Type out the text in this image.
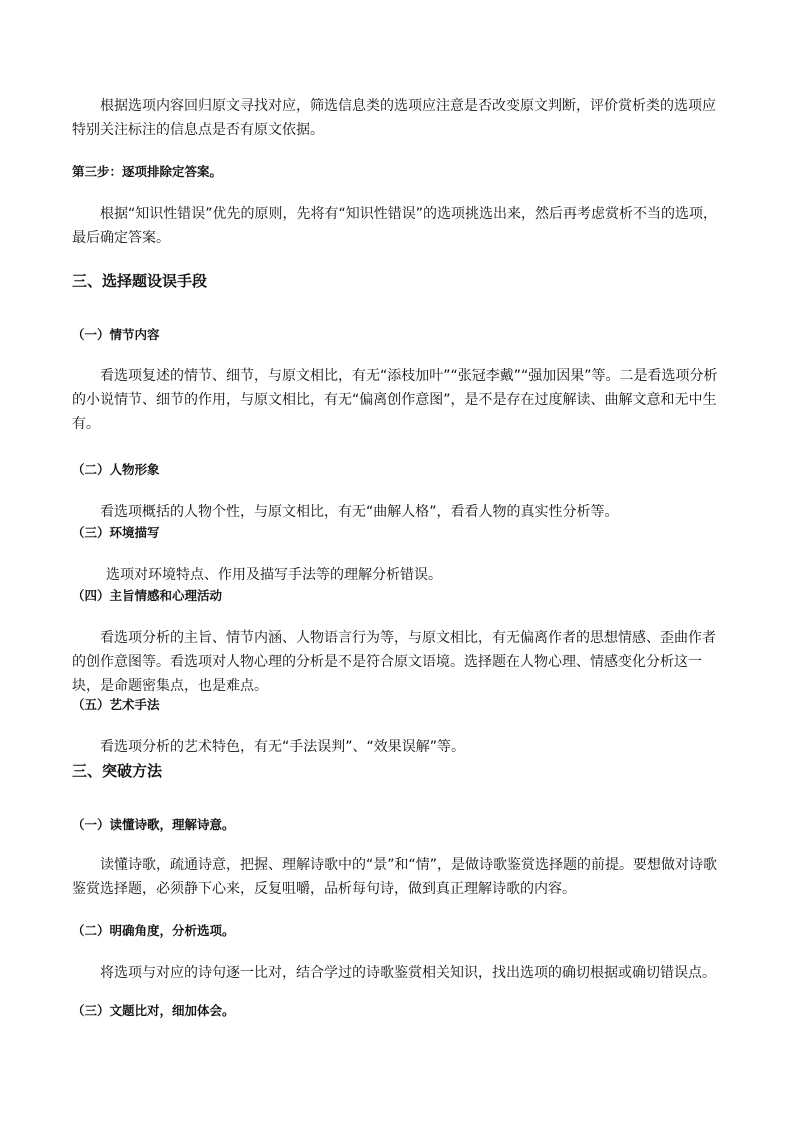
根据选项内容回归原文寻找对应，筛选信息类的选项应注意是否改变原文判断，评价赏析类的选项应特别关注标注的信息点是否有原文依据。

第三步：逐项排除定答案。

根据“知识性错误”优先的原则，先将有“知识性错误”的选项挑选出来，然后再考虑赏析不当的选项，最后确定答案。

三、选择题设误手段
（一）情节内容

看选项复述的情节、细节，与原文相比，有无“添枝加叶”“张冠李戴”“强加因果”等。二是看选项分析的小说情节、细节的作用，与原文相比，有无“偏离创作意图”，是不是存在过度解读、曲解文意和无中生有。

（二）人物形象

看选项概括的人物个性，与原文相比，有无“曲解人格”，看看人物的真实性分析等。

（三）环境描写

选项对环境特点、作用及描写手法等的理解分析错误。

（四）主旨情感和心理活动

看选项分析的主旨、情节内涵、人物语言行为等，与原文相比，有无偏离作者的思想情感、歪曲作者

的创作意图等。看选项对人物心理的分析是不是符合原文语境。选择题在人物心理、情感变化分析这一块，是命题密集点，也是难点。

（五）艺术手法

看选项分析的艺术特色，有无“手法误判”、“效果误解”等。

三、突破方法
（一）读懂诗歌，理解诗意。

读懂诗歌，疏通诗意，把握、理解诗歌中的“景”和“情”，是做诗歌鉴赏选择题的前提。要想做对诗歌鉴赏选择题，必须静下心来，反复咀嚼，品析每句诗，做到真正理解诗歌的内容。

（二）明确角度，分析选项。

将选项与对应的诗句逐一比对，结合学过的诗歌鉴赏相关知识，找出选项的确切根据或确切错误点。

（三）文题比对，细加体会。
